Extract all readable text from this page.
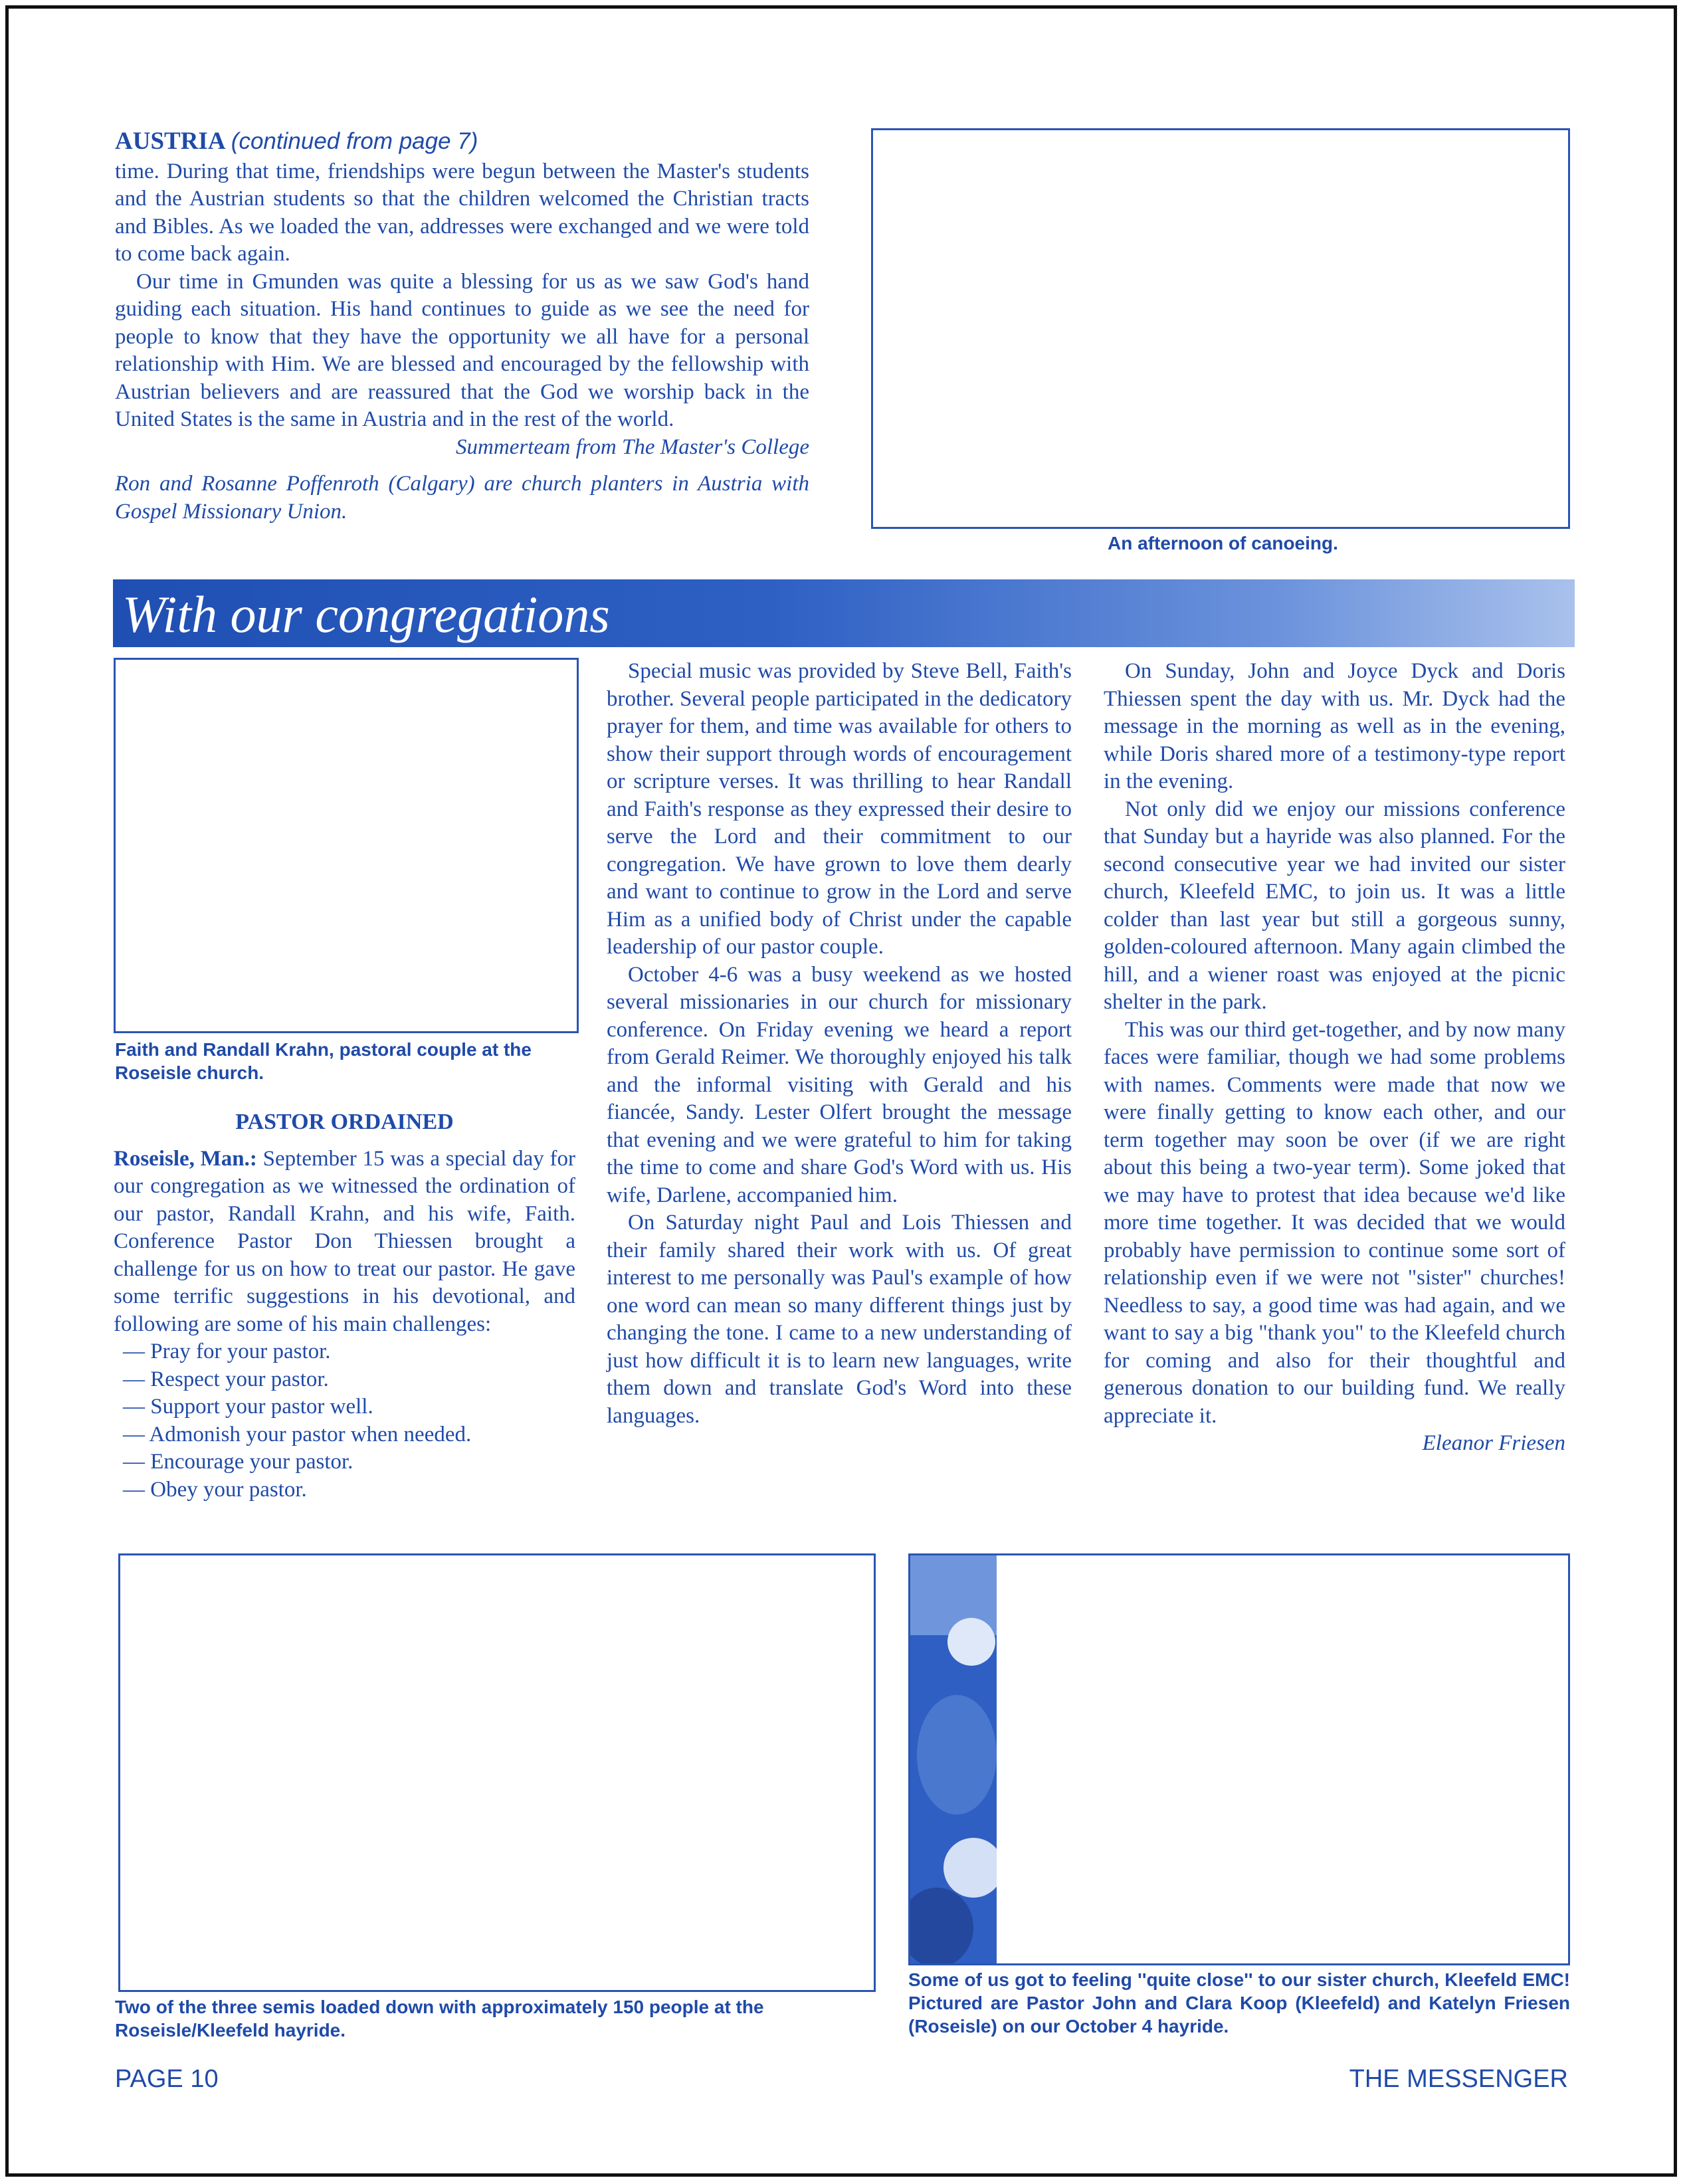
AUSTRIA (continued from page 7)

time. During that time, friendships were begun between the Master's students and the Austrian students so that the children welcomed the Christian tracts and Bibles. As we loaded the van, addresses were exchanged and we were told to come back again.

Our time in Gmunden was quite a blessing for us as we saw God's hand guiding each situation. His hand continues to guide as we see the need for people to know that they have the opportunity we all have for a personal relationship with Him. We are blessed and encouraged by the fellowship with Austrian believers and are reassured that the God we worship back in the United States is the same in Austria and in the rest of the world.

Summerteam from The Master's College

Ron and Rosanne Poffenroth (Calgary) are church planters in Austria with Gospel Missionary Union.

An afternoon of canoeing.
With our congregations
Faith and Randall Krahn, pastoral couple at the Roseisle church.

PASTOR ORDAINED

Roseisle, Man.: September 15 was a special day for our congregation as we witnessed the ordination of our pastor, Randall Krahn, and his wife, Faith. Conference Pastor Don Thiessen brought a challenge for us on how to treat our pastor. He gave some terrific suggestions in his devotional, and following are some of his main challenges:

— Pray for your pastor.
— Respect your pastor.
— Support your pastor well.
— Admonish your pastor when needed.
— Encourage your pastor.
— Obey your pastor.

Special music was provided by Steve Bell, Faith's brother. Several people participated in the dedicatory prayer for them, and time was available for others to show their support through words of encouragement or scripture verses. It was thrilling to hear Randall and Faith's response as they expressed their desire to serve the Lord and their commitment to our congregation. We have grown to love them dearly and want to continue to grow in the Lord and serve Him as a unified body of Christ under the capable leadership of our pastor couple.

October 4-6 was a busy weekend as we hosted several missionaries in our church for missionary conference. On Friday evening we heard a report from Gerald Reimer. We thoroughly enjoyed his talk and the informal visiting with Gerald and his fiancée, Sandy. Lester Olfert brought the message that evening and we were grateful to him for taking the time to come and share God's Word with us. His wife, Darlene, accompanied him.

On Saturday night Paul and Lois Thiessen and their family shared their work with us. Of great interest to me personally was Paul's example of how one word can mean so many different things just by changing the tone. I came to a new understanding of just how difficult it is to learn new languages, write them down and translate God's Word into these languages.

On Sunday, John and Joyce Dyck and Doris Thiessen spent the day with us. Mr. Dyck had the message in the morning as well as in the evening, while Doris shared more of a testimony-type report in the evening.

Not only did we enjoy our missions conference that Sunday but a hayride was also planned. For the second consecutive year we had invited our sister church, Kleefeld EMC, to join us. It was a little colder than last year but still a gorgeous sunny, golden-coloured afternoon. Many again climbed the hill, and a wiener roast was enjoyed at the picnic shelter in the park.

This was our third get-together, and by now many faces were familiar, though we had some problems with names. Comments were made that now we were finally getting to know each other, and our term together may soon be over (if we are right about this being a two-year term). Some joked that we may have to protest that idea because we'd like more time together. It was decided that we would probably have permission to continue some sort of relationship even if we were not "sister" churches! Needless to say, a good time was had again, and we want to say a big "thank you" to the Kleefeld church for coming and also for their thoughtful and generous donation to our building fund. We really appreciate it.

Eleanor Friesen

Two of the three semis loaded down with approximately 150 people at the Roseisle/Kleefeld hayride.
Some of us got to feeling ''quite close'' to our sister church, Kleefeld EMC! Pictured are Pastor John and Clara Koop (Kleefeld) and Katelyn Friesen (Roseisle) on our October 4 hayride.
PAGE 10	THE MESSENGER
